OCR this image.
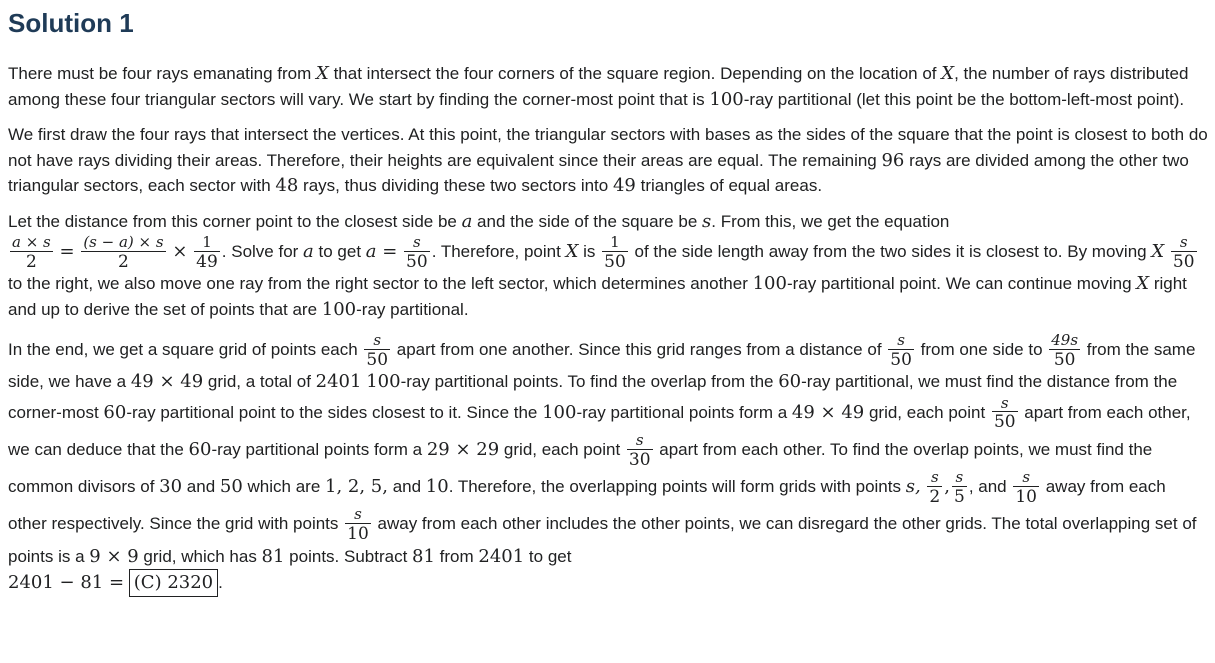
Solution 1

There must be four rays emanating from X that intersect the four corners of the square region. Depending on the location of X, the number of rays distributed among these four triangular sectors will vary. We start by finding the corner-most point that is 100-ray partitional (let this point be the bottom-left-most point).

We first draw the four rays that intersect the vertices. At this point, the triangular sectors with bases as the sides of the square that the point is closest to both do not have rays dividing their areas. Therefore, their heights are equivalent since their areas are equal. The remaining 96 rays are divided among the other two triangular sectors, each sector with 48 rays, thus dividing these two sectors into 49 triangles of equal areas.

Let the distance from this corner point to the closest side be a and the side of the square be s. From this, we get the equation

$\frac{a \times s}{2} = \frac{(s - a) \times s}{2} \times \frac{1}{49}$ . Solve for a to get $a = \frac{s}{50}$ . Therefore, point X is $\frac{1}{50}$ of the side length away from the two sides it is closest to. By moving X $\frac{s}{50}$
to the right, we also move one ray from the right sector to the left sector, which determines another 100-ray partitional point. We can continue moving X right and up to derive the set of points that are 100-ray partitional.

In the end, we get a square grid of points each $\frac{s}{50}$ apart from one another. Since this grid ranges from a distance of $\frac{s}{50}$ from one side to $\frac{49s}{50}$ from the same side, we have a 49 × 49 grid, a total of 2401 100-ray partitional points. To find the overlap from the 60-ray partitional, we must find the distance from the corner-most 60-ray partitional point to the sides closest to it. Since the 100-ray partitional points form a 49 × 49 grid, each point $\frac{s}{50}$ apart from each other, we can deduce that the 60-ray partitional points form a 29 × 29 grid, each point $\frac{s}{30}$ apart from each other. To find the overlap points, we must find the common divisors of 30 and 50 which are 1, 2, 5, and 10. Therefore, the overlapping points will form grids with points s, $\frac{s}{2}$ , $\frac{s}{5}$ , and $\frac{s}{10}$ away from each other respectively. Since the grid with points $\frac{s}{10}$ away from each other includes the other points, we can disregard the other grids. The total overlapping set of points is a 9 × 9 grid, which has 81 points. Subtract 81 from 2401 to get
2401 − 81 = (C) 2320 .
